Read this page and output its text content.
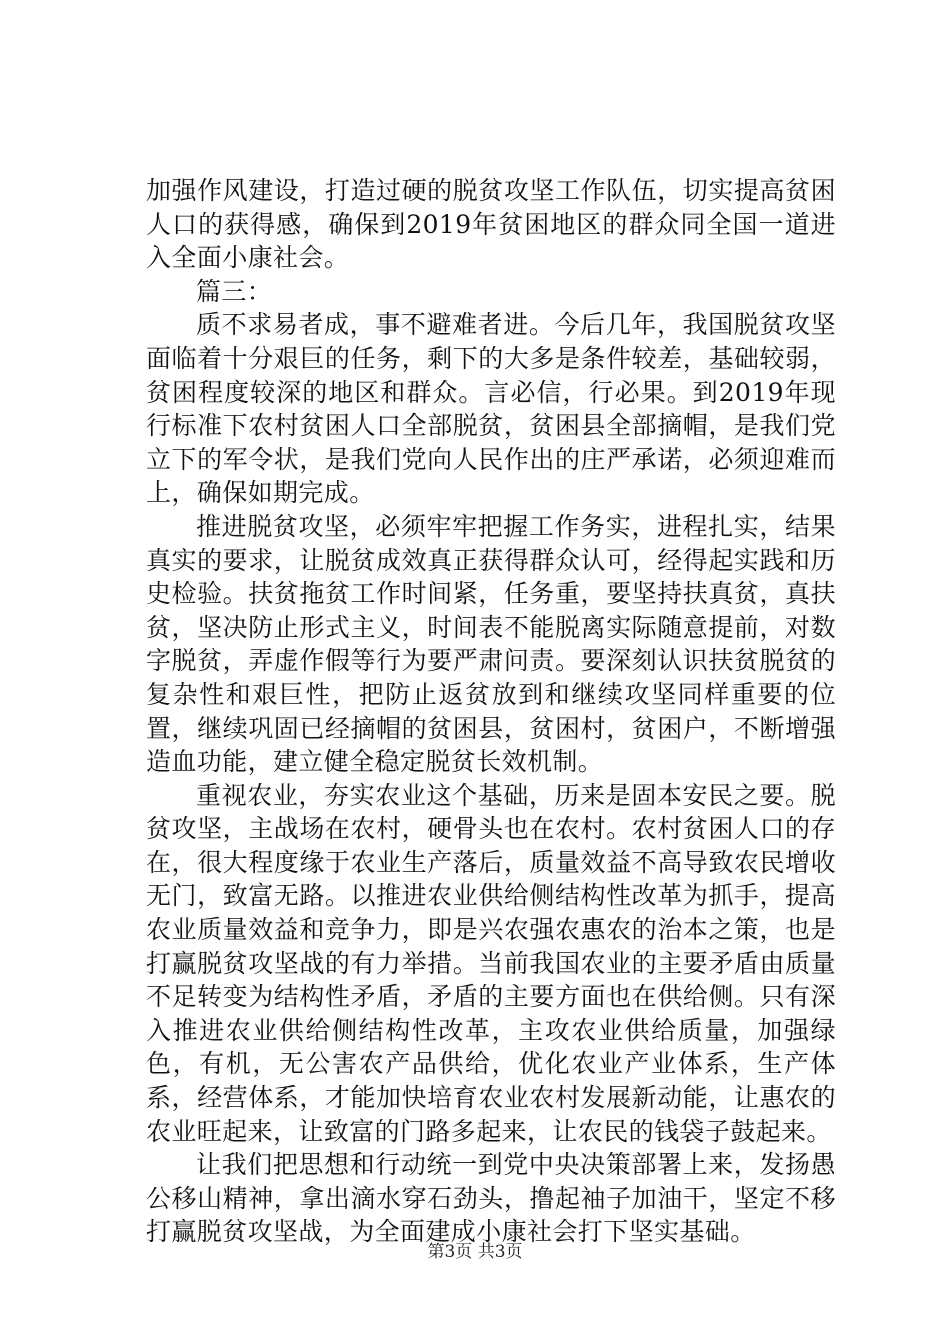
加强作风建设，打造过硬的脱贫攻坚工作队伍，切实提高贫困人口的获得感，确保到2019年贫困地区的群众同全国一道进入全面小康社会。

篇三：

质不求易者成，事不避难者进。今后几年，我国脱贫攻坚面临着十分艰巨的任务，剩下的大多是条件较差，基础较弱，贫困程度较深的地区和群众。言必信，行必果。到2019年现行标准下农村贫困人口全部脱贫，贫困县全部摘帽，是我们党立下的军令状，是我们党向人民作出的庄严承诺，必须迎难而上，确保如期完成。

推进脱贫攻坚，必须牢牢把握工作务实，进程扎实，结果真实的要求，让脱贫成效真正获得群众认可，经得起实践和历史检验。扶贫拖贫工作时间紧，任务重，要坚持扶真贫，真扶贫，坚决防止形式主义，时间表不能脱离实际随意提前，对数字脱贫，弄虚作假等行为要严肃问责。要深刻认识扶贫脱贫的复杂性和艰巨性，把防止返贫放到和继续攻坚同样重要的位置，继续巩固已经摘帽的贫困县，贫困村，贫困户，不断增强造血功能，建立健全稳定脱贫长效机制。

重视农业，夯实农业这个基础，历来是固本安民之要。脱贫攻坚，主战场在农村，硬骨头也在农村。农村贫困人口的存在，很大程度缘于农业生产落后，质量效益不高导致农民增收无门，致富无路。以推进农业供给侧结构性改革为抓手，提高农业质量效益和竞争力，即是兴农强农惠农的治本之策，也是打赢脱贫攻坚战的有力举措。当前我国农业的主要矛盾由质量不足转变为结构性矛盾，矛盾的主要方面也在供给侧。只有深入推进农业供给侧结构性改革，主攻农业供给质量，加强绿色，有机，无公害农产品供给，优化农业产业体系，生产体系，经营体系，才能加快培育农业农村发展新动能，让惠农的农业旺起来，让致富的门路多起来，让农民的钱袋子鼓起来。

让我们把思想和行动统一到党中央决策部署上来，发扬愚公移山精神，拿出滴水穿石劲头，撸起袖子加油干，坚定不移打赢脱贫攻坚战，为全面建成小康社会打下坚实基础。

第3页 共3页
